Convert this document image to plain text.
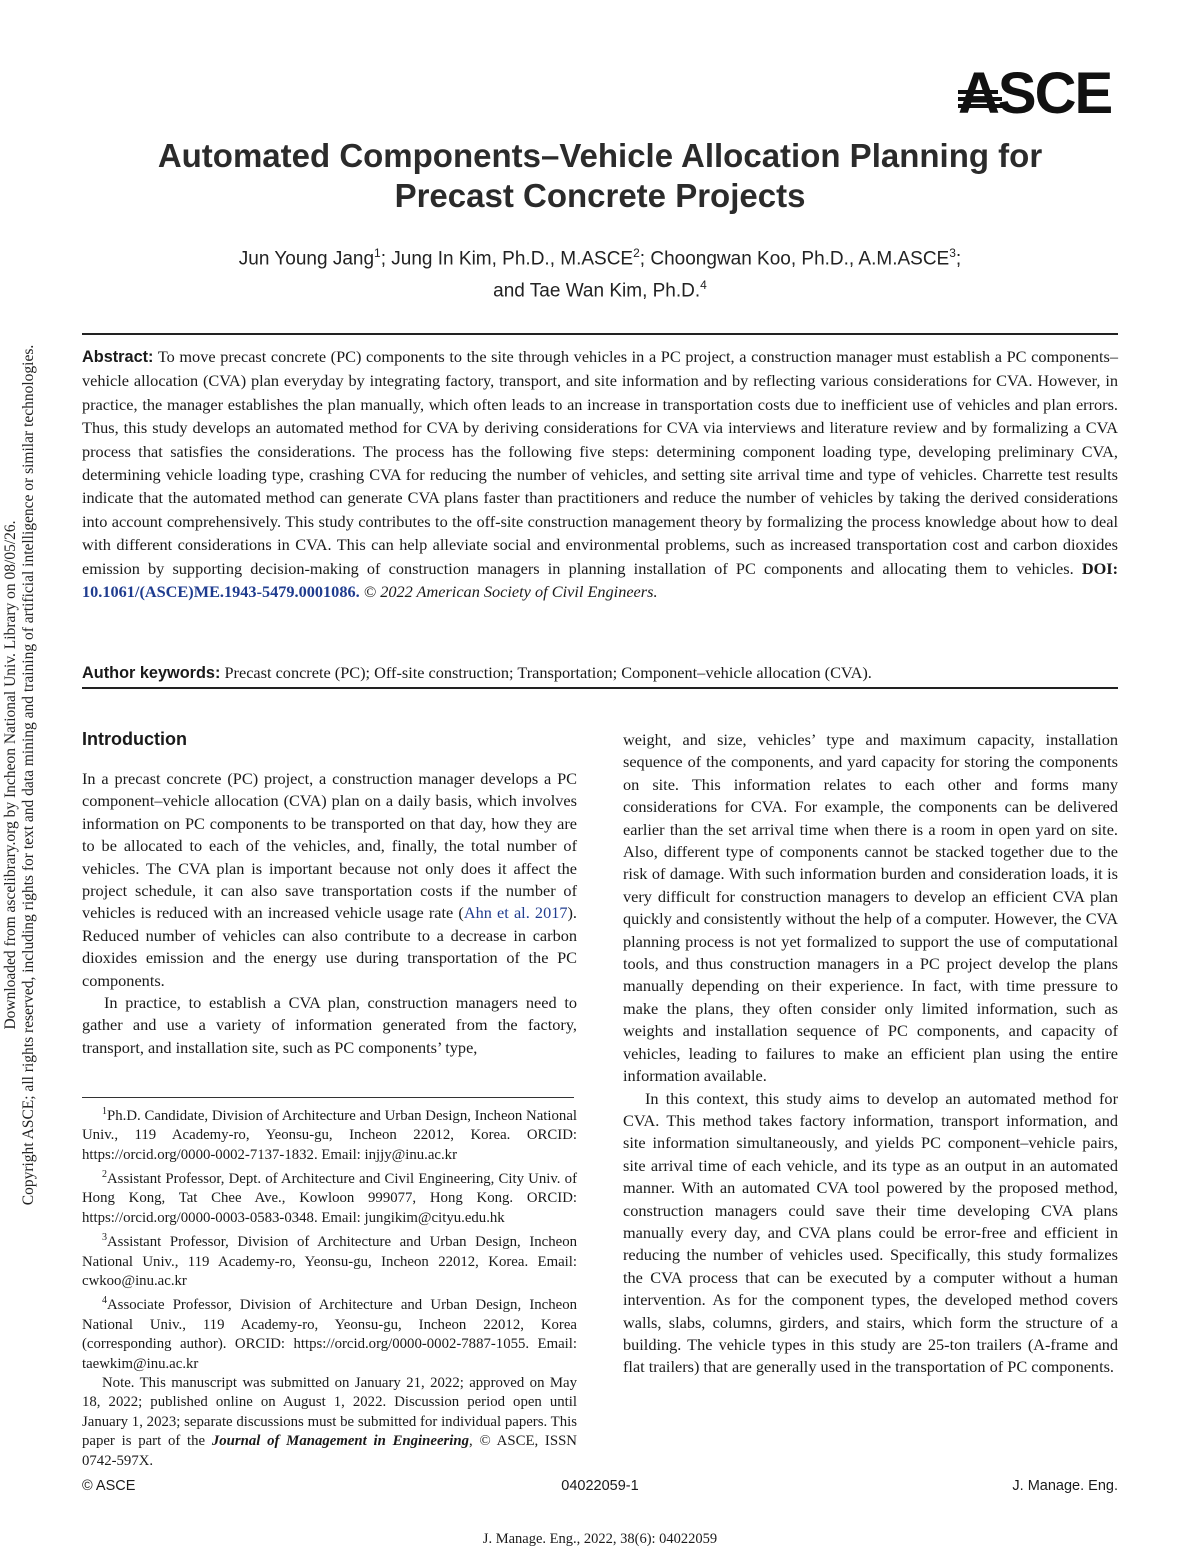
Downloaded from ascelibrary.org by Incheon National Univ. Library on 08/05/26. Copyright ASCE; all rights reserved, including rights for text and data mining and training of artificial intelligence or similar technologies.
ASCE
Automated Components–Vehicle Allocation Planning for
Precast Concrete Projects
Jun Young Jang$^1$; Jung In Kim, Ph.D., M.ASCE$^2$; Choongwan Koo, Ph.D., A.M.ASCE$^3$;
and Tae Wan Kim, Ph.D.$^4$
Abstract: To move precast concrete (PC) components to the site through vehicles in a PC project, a construction manager must establish a PC components–vehicle allocation (CVA) plan everyday by integrating factory, transport, and site information and by reflecting various considerations for CVA. However, in practice, the manager establishes the plan manually, which often leads to an increase in transportation costs due to inefficient use of vehicles and plan errors. Thus, this study develops an automated method for CVA by deriving considerations for CVA via interviews and literature review and by formalizing a CVA process that satisfies the considerations. The process has the following five steps: determining component loading type, developing preliminary CVA, determining vehicle loading type, crashing CVA for reducing the number of vehicles, and setting site arrival time and type of vehicles. Charrette test results indicate that the automated method can generate CVA plans faster than practitioners and reduce the number of vehicles by taking the derived considerations into account comprehensively. This study contributes to the off-site construction management theory by formalizing the process knowledge about how to deal with different considerations in CVA. This can help alleviate social and environmental problems, such as increased transportation cost and carbon dioxides emission by supporting decision-making of construction managers in planning installation of PC components and allocating them to vehicles. DOI: 10.1061/(ASCE)ME.1943-5479.0001086. © 2022 American Society of Civil Engineers.
Author keywords: Precast concrete (PC); Off-site construction; Transportation; Component–vehicle allocation (CVA).
Introduction

In a precast concrete (PC) project, a construction manager develops a PC component–vehicle allocation (CVA) plan on a daily basis, which involves information on PC components to be transported on that day, how they are to be allocated to each of the vehicles, and, finally, the total number of vehicles. The CVA plan is important because not only does it affect the project schedule, it can also save transportation costs if the number of vehicles is reduced with an increased vehicle usage rate (Ahn et al. 2017). Reduced number of vehicles can also contribute to a decrease in carbon dioxides emission and the energy use during transportation of the PC components.

In practice, to establish a CVA plan, construction managers need to gather and use a variety of information generated from the factory, transport, and installation site, such as PC components’ type,

$^1$Ph.D. Candidate, Division of Architecture and Urban Design, Incheon National Univ., 119 Academy-ro, Yeonsu-gu, Incheon 22012, Korea. ORCID: https://orcid.org/0000-0002-7137-1832. Email: injjy@inu.ac.kr

$^2$Assistant Professor, Dept. of Architecture and Civil Engineering, City Univ. of Hong Kong, Tat Chee Ave., Kowloon 999077, Hong Kong. ORCID: https://orcid.org/0000-0003-0583-0348. Email: jungikim@cityu.edu.hk

$^3$Assistant Professor, Division of Architecture and Urban Design, Incheon National Univ., 119 Academy-ro, Yeonsu-gu, Incheon 22012, Korea. Email: cwkoo@inu.ac.kr

$^4$Associate Professor, Division of Architecture and Urban Design, Incheon National Univ., 119 Academy-ro, Yeonsu-gu, Incheon 22012, Korea (corresponding author). ORCID: https://orcid.org/0000-0002-7887-1055. Email: taewkim@inu.ac.kr

Note. This manuscript was submitted on January 21, 2022; approved on May 18, 2022; published online on August 1, 2022. Discussion period open until January 1, 2023; separate discussions must be submitted for individual papers. This paper is part of the Journal of Management in Engineering, © ASCE, ISSN 0742-597X.

weight, and size, vehicles’ type and maximum capacity, installation sequence of the components, and yard capacity for storing the components on site. This information relates to each other and forms many considerations for CVA. For example, the components can be delivered earlier than the set arrival time when there is a room in open yard on site. Also, different type of components cannot be stacked together due to the risk of damage. With such information burden and consideration loads, it is very difficult for construction managers to develop an efficient CVA plan quickly and consistently without the help of a computer. However, the CVA planning process is not yet formalized to support the use of computational tools, and thus construction managers in a PC project develop the plans manually depending on their experience. In fact, with time pressure to make the plans, they often consider only limited information, such as weights and installation sequence of PC components, and capacity of vehicles, leading to failures to make an efficient plan using the entire information available.

In this context, this study aims to develop an automated method for CVA. This method takes factory information, transport information, and site information simultaneously, and yields PC component–vehicle pairs, site arrival time of each vehicle, and its type as an output in an automated manner. With an automated CVA tool powered by the proposed method, construction managers could save their time developing CVA plans manually every day, and CVA plans could be error-free and efficient in reducing the number of vehicles used. Specifically, this study formalizes the CVA process that can be executed by a computer without a human intervention. As for the component types, the developed method covers walls, slabs, columns, girders, and stairs, which form the structure of a building. The vehicle types in this study are 25-ton trailers (A-frame and flat trailers) that are generally used in the transportation of PC components.

© ASCE	04022059-1	J. Manage. Eng.
J. Manage. Eng., 2022, 38(6): 04022059
